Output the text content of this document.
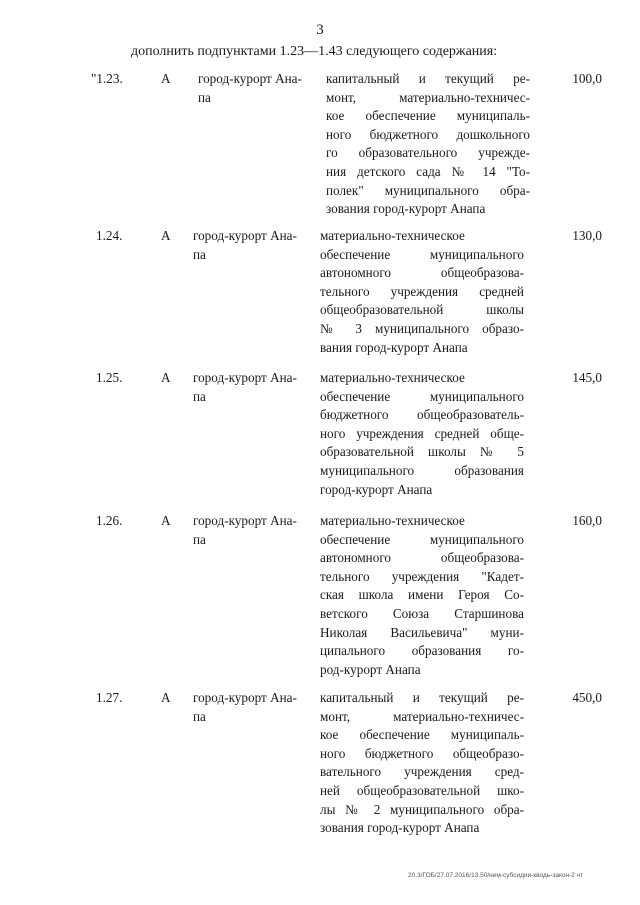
3
дополнить подпунктами 1.23—1.43 следующего содержания:
"1.23.	А	город-курорт Ана-
па
капитальный и текущий ре-
монт, материально-техничес-
кое обеспечение муниципаль-
ного бюджетного дошкольного
го образовательного учрежде-
ния детского сада № 14 "То-
полек" муниципального обра-
зования город-курорт Анапа
100,0
1.24.	А	город-курорт Ана-
па
материально-техническое
обеспечение муниципального
автономного общеобразова-
тельного учреждения средней
общеобразовательной школы
№ 3 муниципального образо-
вания город-курорт Анапа
130,0
1.25.	А	город-курорт Ана-
па
материально-техническое
обеспечение муниципального
бюджетного общеобразователь-
ного учреждения средней обще-
образовательной школы № 5
муниципального образования
город-курорт Анапа
145,0
1.26.	А	город-курорт Ана-
па
материально-техническое
обеспечение муниципального
автономного общеобразова-
тельного учреждения "Кадет-
ская школа имени Героя Со-
ветского Союза Старшинова
Николая Васильевича" муни-
ципального образования го-
род-курорт Анапа
160,0
1.27.	А	город-курорт Ана-
па
капитальный и текущий ре-
монт, материально-техничес-
кое обеспечение муниципаль-
ного бюджетного общеобразо-
вательного учреждения сред-
ней общеобразовательной шко-
лы № 2 муниципального обра-
зования город-курорт Анапа
450,0
20.3/ГОБ/27.07.2016/13.50/нем-субсидии-кводь-закон-2 чт
